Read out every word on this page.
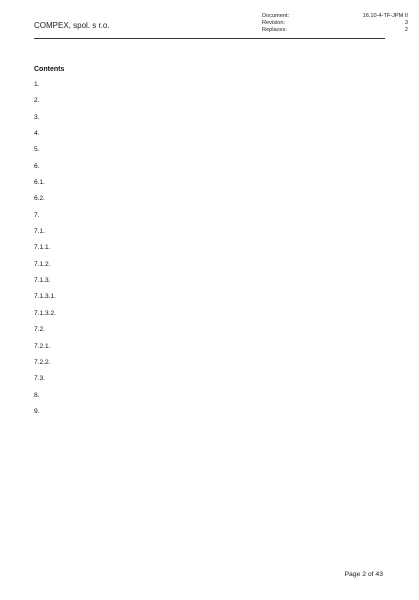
COMPEX, spol. s r.o.
Document:	16.10-4-TF-JPM II
Revision:	3
Replaces:	2
Contents
1.
2.
3.
4.
5.
6.
6.1.
6.2.
7.
7.1.
7.1.1.
7.1.2.
7.1.3.
7.1.3.1.
7.1.3.2.
7.2.
7.2.1.
7.2.2.
7.3.
8.
9.
Page 2 of 43
